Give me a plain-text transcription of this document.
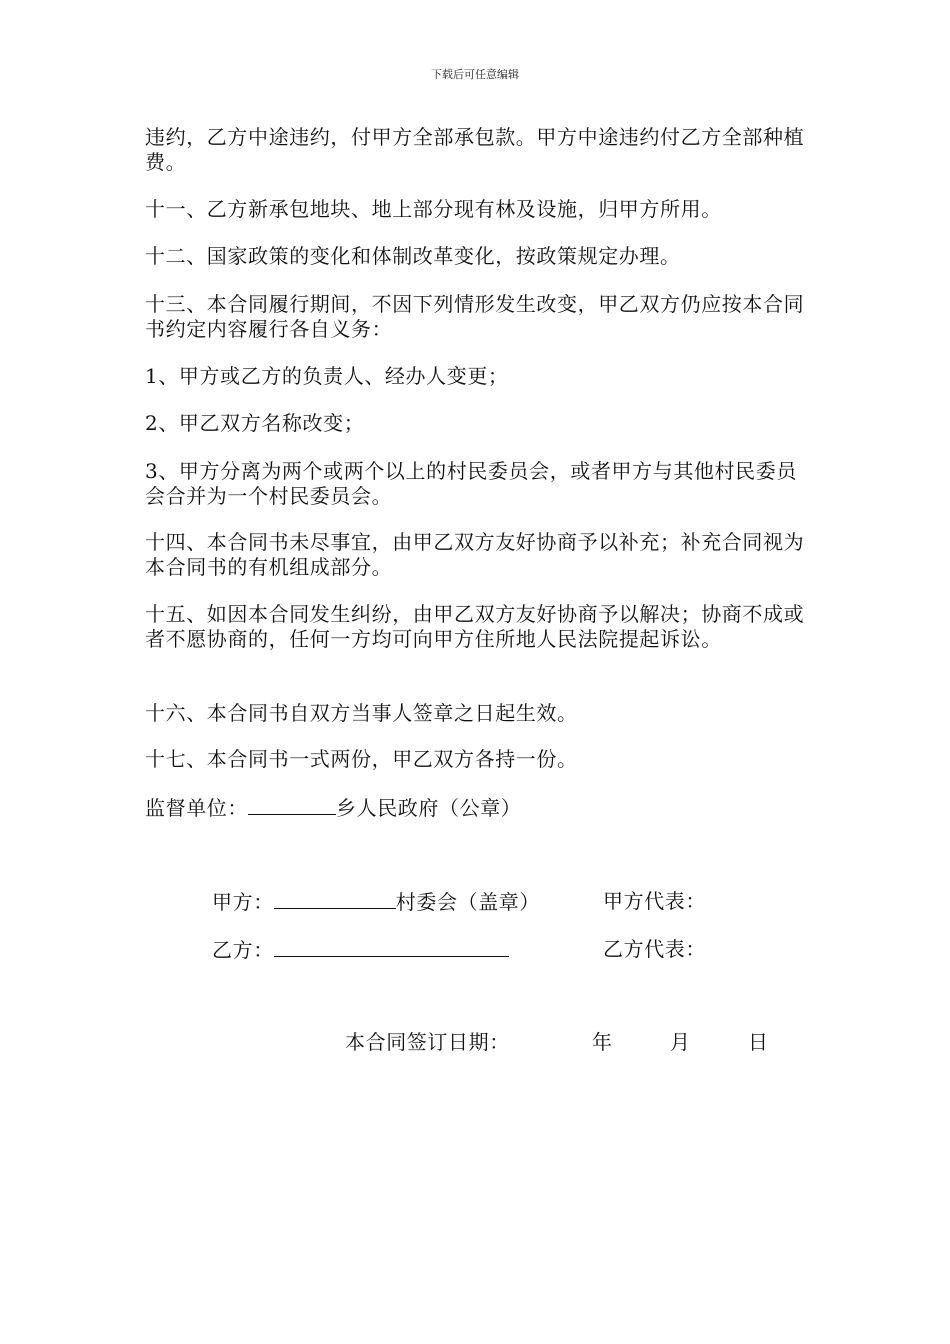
下载后可任意编辑
违约，乙方中途违约，付甲方全部承包款。甲方中途违约付乙方全部种植费。
十一、乙方新承包地块、地上部分现有林及设施，归甲方所用。
十二、国家政策的变化和体制改革变化，按政策规定办理。
十三、本合同履行期间，不因下列情形发生改变，甲乙双方仍应按本合同书约定内容履行各自义务：
1、甲方或乙方的负责人、经办人变更；
2、甲乙双方名称改变；
3、甲方分离为两个或两个以上的村民委员会，或者甲方与其他村民委员会合并为一个村民委员会。
十四、本合同书未尽事宜，由甲乙双方友好协商予以补充；补充合同视为本合同书的有机组成部分。
十五、如因本合同发生纠纷，由甲乙双方友好协商予以解决；协商不成或者不愿协商的，任何一方均可向甲方住所地人民法院提起诉讼。
十六、本合同书自双方当事人签章之日起生效。
十七、本合同书一式两份，甲乙双方各持一份。
监督单位：	乡人民政府（公章）
甲方：	村委会（盖章）	甲方代表：
乙方：	乙方代表：
本合同签订日期：	年	月	日
